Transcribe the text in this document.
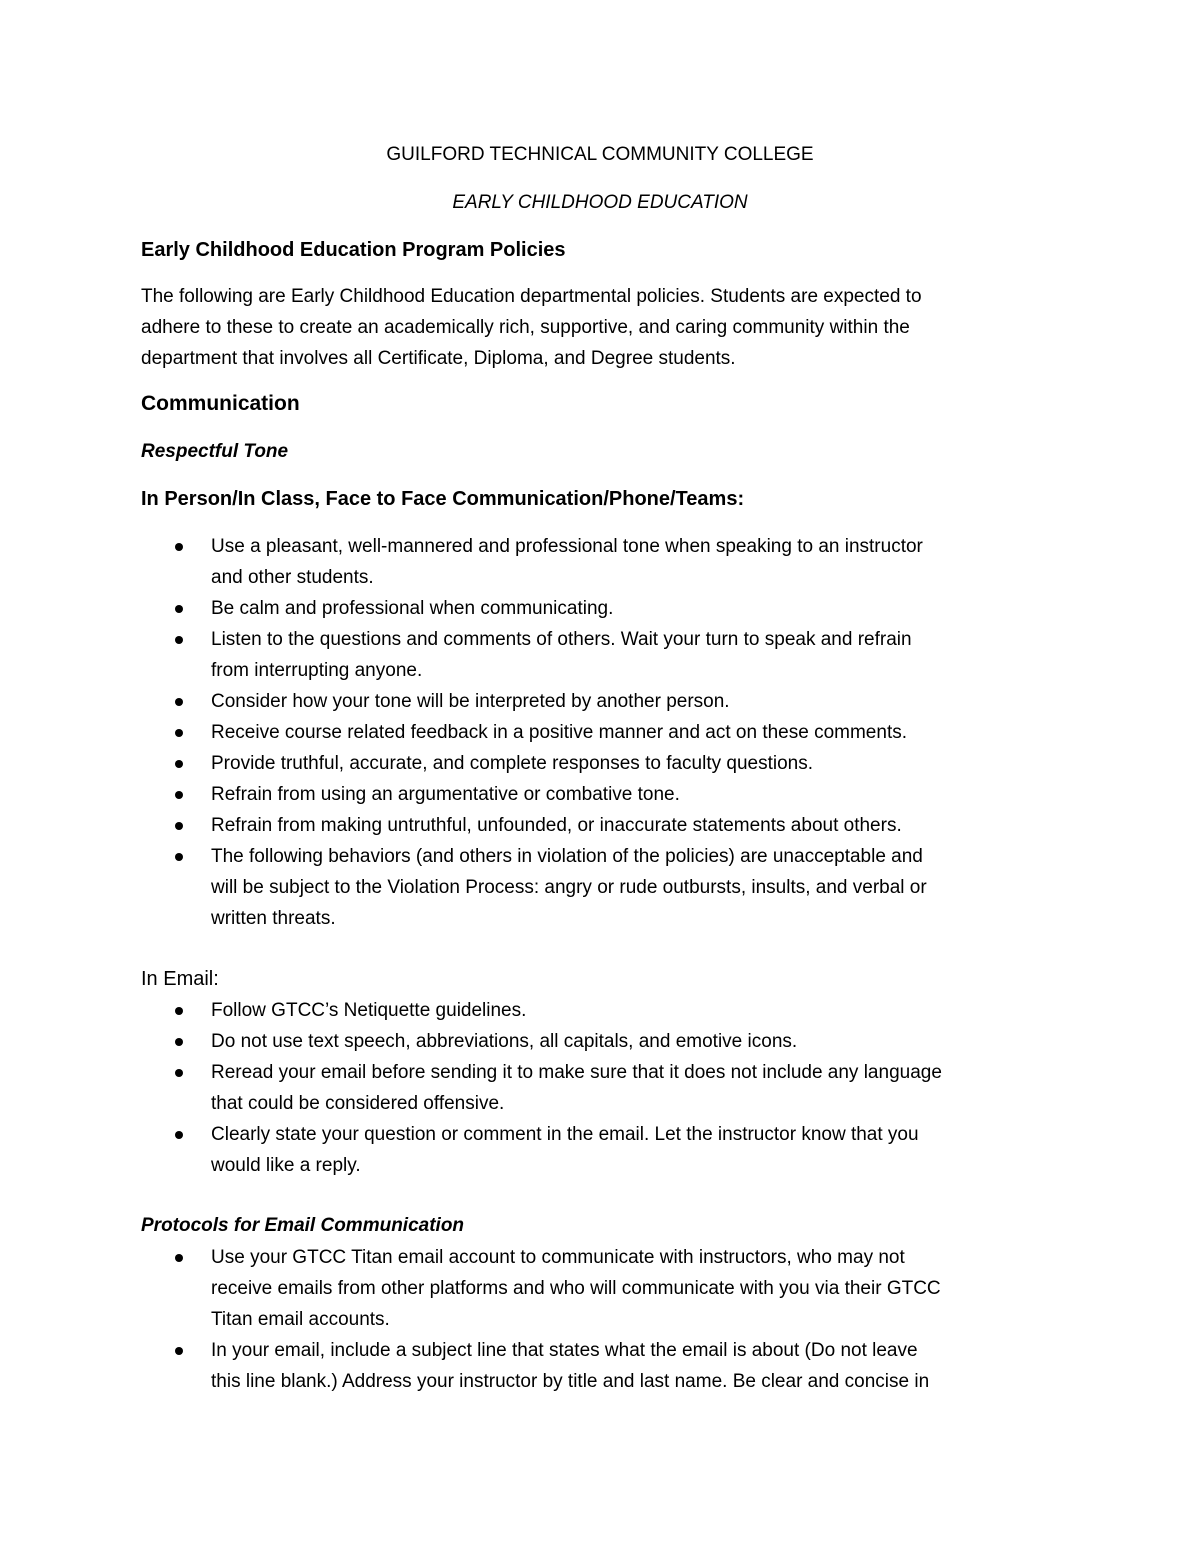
GUILFORD TECHNICAL COMMUNITY COLLEGE
EARLY CHILDHOOD EDUCATION
Early Childhood Education Program Policies
The following are Early Childhood Education departmental policies. Students are expected to
adhere to these to create an academically rich, supportive, and caring community within the
department that involves all Certificate, Diploma, and Degree students.
Communication
Respectful Tone
In Person/In Class, Face to Face Communication/Phone/Teams:
Use a pleasant, well-mannered and professional tone when speaking to an instructor
and other students.
Be calm and professional when communicating.
Listen to the questions and comments of others. Wait your turn to speak and refrain
from interrupting anyone.
Consider how your tone will be interpreted by another person.
Receive course related feedback in a positive manner and act on these comments.
Provide truthful, accurate, and complete responses to faculty questions.
Refrain from using an argumentative or combative tone.
Refrain from making untruthful, unfounded, or inaccurate statements about others.
The following behaviors (and others in violation of the policies) are unacceptable and
will be subject to the Violation Process: angry or rude outbursts, insults, and verbal or
written threats.
In Email:
Follow GTCC’s Netiquette guidelines.
Do not use text speech, abbreviations, all capitals, and emotive icons.
Reread your email before sending it to make sure that it does not include any language
that could be considered offensive.
Clearly state your question or comment in the email. Let the instructor know that you
would like a reply.
Protocols for Email Communication
Use your GTCC Titan email account to communicate with instructors, who may not
receive emails from other platforms and who will communicate with you via their GTCC
Titan email accounts.
In your email, include a subject line that states what the email is about (Do not leave
this line blank.) Address your instructor by title and last name. Be clear and concise in
